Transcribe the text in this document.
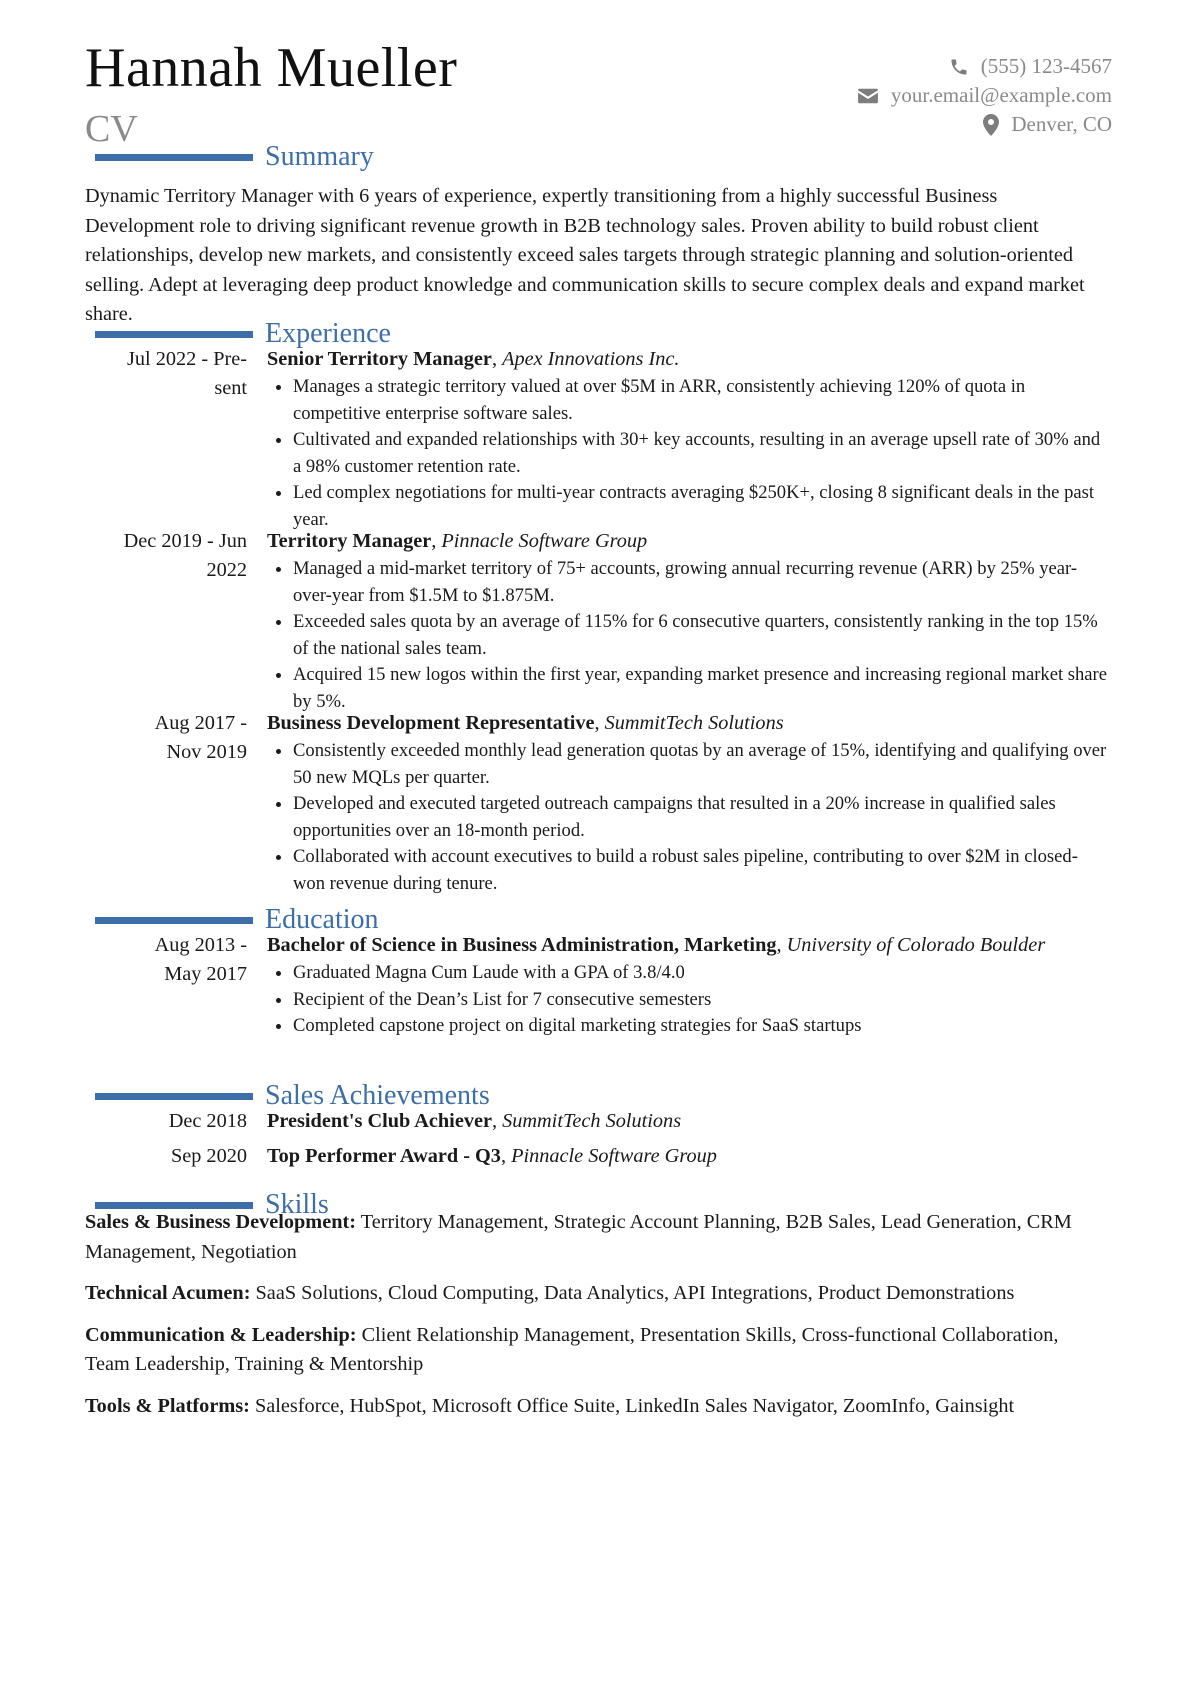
Hannah Mueller
CV
(555) 123-4567
your.email@example.com
Denver, CO
Summary
Dynamic Territory Manager with 6 years of experience, expertly transitioning from a highly successful Business Development role to driving significant revenue growth in B2B technology sales. Proven ability to build robust client relationships, develop new markets, and consistently exceed sales targets through strategic planning and solution-oriented selling. Adept at leveraging deep product knowledge and communication skills to secure complex deals and expand market share.
Experience
Jul 2022 - Pre-
sent
Senior Territory Manager, Apex Innovations Inc.
• Manages a strategic territory valued at over $5M in ARR, consistently achieving 120% of quota in competitive enterprise software sales.
• Cultivated and expanded relationships with 30+ key accounts, resulting in an average upsell rate of 30% and a 98% customer retention rate.
• Led complex negotiations for multi-year contracts averaging $250K+, closing 8 significant deals in the past year.
Dec 2019 - Jun
2022
Territory Manager, Pinnacle Software Group
• Managed a mid-market territory of 75+ accounts, growing annual recurring revenue (ARR) by 25% year-over-year from $1.5M to $1.875M.
• Exceeded sales quota by an average of 115% for 6 consecutive quarters, consistently ranking in the top 15% of the national sales team.
• Acquired 15 new logos within the first year, expanding market presence and increasing regional market share by 5%.
Aug 2017 -
Nov 2019
Business Development Representative, SummitTech Solutions
• Consistently exceeded monthly lead generation quotas by an average of 15%, identifying and qualifying over 50 new MQLs per quarter.
• Developed and executed targeted outreach campaigns that resulted in a 20% increase in qualified sales opportunities over an 18-month period.
• Collaborated with account executives to build a robust sales pipeline, contributing to over $2M in closed-won revenue during tenure.
Education
Aug 2013 -
May 2017
Bachelor of Science in Business Administration, Marketing, University of Colorado Boulder
• Graduated Magna Cum Laude with a GPA of 3.8/4.0
• Recipient of the Dean’s List for 7 consecutive semesters
• Completed capstone project on digital marketing strategies for SaaS startups
Sales Achievements
Dec 2018 President's Club Achiever, SummitTech Solutions
Sep 2020 Top Performer Award - Q3, Pinnacle Software Group
Skills
Sales & Business Development: Territory Management, Strategic Account Planning, B2B Sales, Lead Generation, CRM Management, Negotiation
Technical Acumen: SaaS Solutions, Cloud Computing, Data Analytics, API Integrations, Product Demonstrations
Communication & Leadership: Client Relationship Management, Presentation Skills, Cross-functional Collaboration, Team Leadership, Training & Mentorship
Tools & Platforms: Salesforce, HubSpot, Microsoft Office Suite, LinkedIn Sales Navigator, ZoomInfo, Gainsight
